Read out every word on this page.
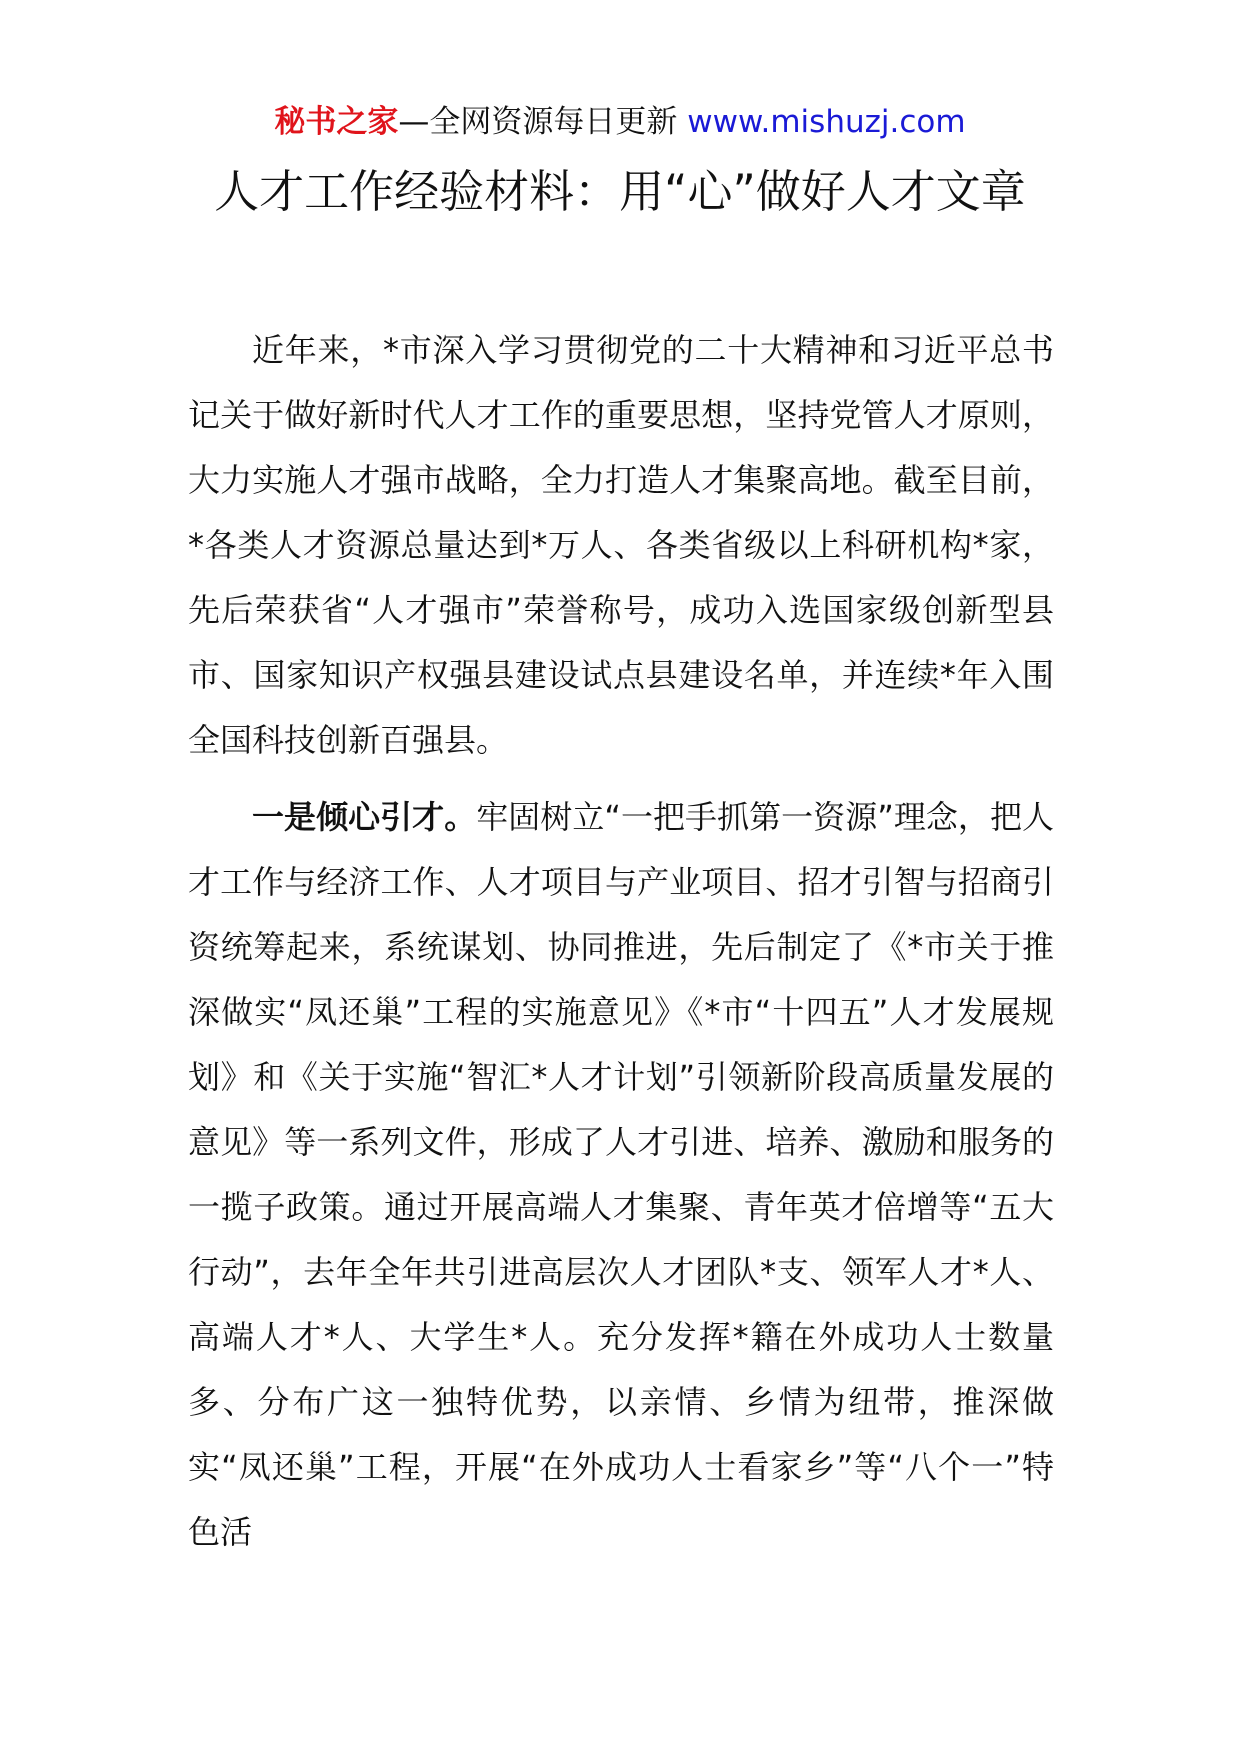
秘书之家—全网资源每日更新 www.mishuzj.com
人才工作经验材料：用“心”做好人才文章

近年来，*市深入学习贯彻党的二十大精神和习近平总书记关于做好新时代人才工作的重要思想，坚持党管人才原则，大力实施人才强市战略，全力打造人才集聚高地。截至目前，*各类人才资源总量达到*万人、各类省级以上科研机构*家，先后荣获省“人才强市”荣誉称号，成功入选国家级创新型县市、国家知识产权强县建设试点县建设名单，并连续*年入围全国科技创新百强县。

一是倾心引才。牢固树立“一把手抓第一资源”理念，把人才工作与经济工作、人才项目与产业项目、招才引智与招商引资统筹起来，系统谋划、协同推进，先后制定了《*市关于推深做实“凤还巢”工程的实施意见》《*市“十四五”人才发展规划》和《关于实施“智汇*人才计划”引领新阶段高质量发展的意见》等一系列文件，形成了人才引进、培养、激励和服务的一揽子政策。通过开展高端人才集聚、青年英才倍增等“五大行动”，去年全年共引进高层次人才团队*支、领军人才*人、高端人才*人、大学生*人。充分发挥*籍在外成功人士数量多、分布广这一独特优势，以亲情、乡情为纽带，推深做实“凤还巢”工程，开展“在外成功人士看家乡”等“八个一”特色活
